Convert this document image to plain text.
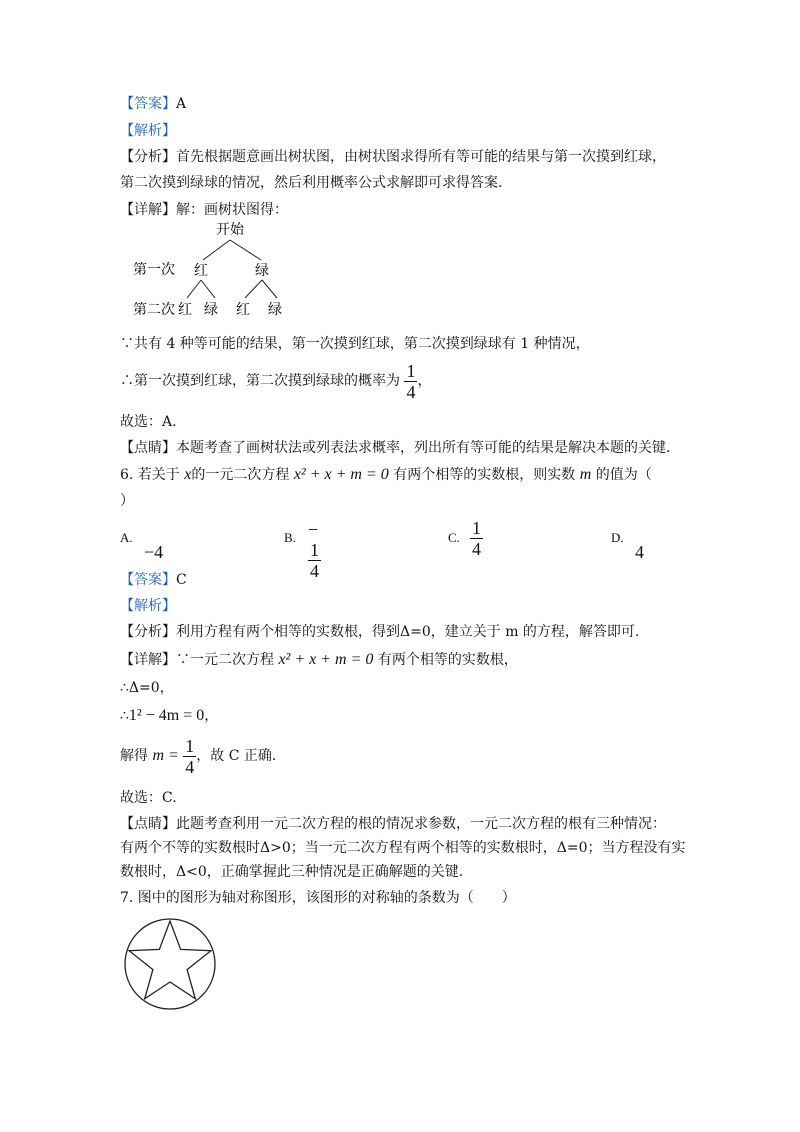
【答案】A
【解析】
【分析】首先根据题意画出树状图，由树状图求得所有等可能的结果与第一次摸到红球，
第二次摸到绿球的情况，然后利用概率公式求解即可求得答案.
【详解】解：画树状图得：
开始
第一次 红	绿
第二次 红 绿 红 绿
∵共有 4 种等可能的结果，第一次摸到红球，第二次摸到绿球有 1 种情况，
∴第一次摸到红球，第二次摸到绿球的概率为 $\frac{1}{4}$ ，
故选：A.
【点睛】本题考查了画树状法或列表法求概率，列出所有等可能的结果是解决本题的关键.
6. 若关于 x的一元二次方程 x² + x + m = 0 有两个相等的实数根，则实数 m 的值为（
）
A.
−4
B. −
$\frac{1}{4}$
C. $\frac{1}{4}$	D.
4
【答案】C
【解析】
【分析】利用方程有两个相等的实数根，得到Δ=0，建立关于 m 的方程，解答即可.
【详解】∵一元二次方程 x² + x + m = 0 有两个相等的实数根，
∴Δ=0，
∴1² − 4m = 0，
解得 $m = \frac{1}{4}$ ，故 C 正确.
故选：C.
【点睛】此题考查利用一元二次方程的根的情况求参数，一元二次方程的根有三种情况：
有两个不等的实数根时Δ>0；当一元二次方程有两个相等的实数根时，Δ=0；当方程没有实
数根时，Δ<0，正确掌握此三种情况是正确解题的关键.
7. 图中的图形为轴对称图形，该图形的对称轴的条数为（　　）
